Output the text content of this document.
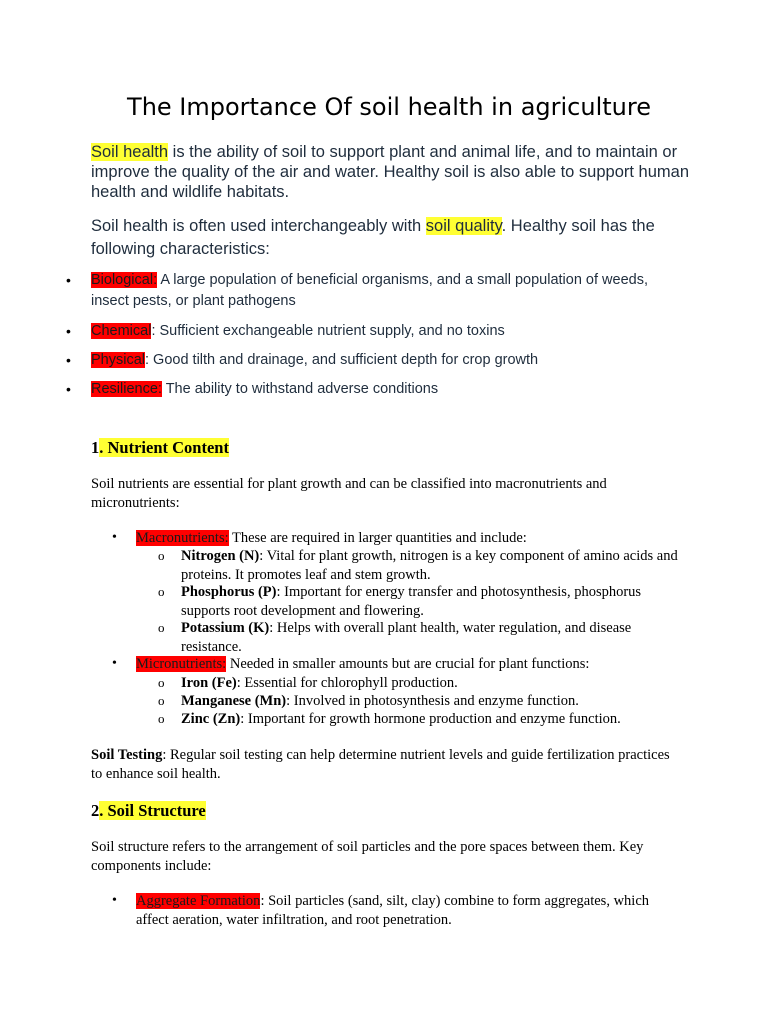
The Importance Of soil health in agriculture
Soil health is the ability of soil to support plant and animal life, and to maintain or improve the quality of the air and water. Healthy soil is also able to support human health and wildlife habitats.
Soil health is often used interchangeably with soil quality. Healthy soil has the following characteristics:
•	Biological: A large population of beneficial organisms, and a small population of weeds, insect pests, or plant pathogens
•	Chemical: Sufficient exchangeable nutrient supply, and no toxins
•	Physical: Good tilth and drainage, and sufficient depth for crop growth
•	Resilience: The ability to withstand adverse conditions
1. Nutrient Content
Soil nutrients are essential for plant growth and can be classified into macronutrients and micronutrients:
• Macronutrients: These are required in larger quantities and include:
o Nitrogen (N): Vital for plant growth, nitrogen is a key component of amino acids and proteins. It promotes leaf and stem growth.
o Phosphorus (P): Important for energy transfer and photosynthesis, phosphorus supports root development and flowering.
o Potassium (K): Helps with overall plant health, water regulation, and disease resistance.
• Micronutrients: Needed in smaller amounts but are crucial for plant functions:
o Iron (Fe): Essential for chlorophyll production.
o Manganese (Mn): Involved in photosynthesis and enzyme function.
o Zinc (Zn): Important for growth hormone production and enzyme function.
Soil Testing: Regular soil testing can help determine nutrient levels and guide fertilization practices to enhance soil health.
2. Soil Structure
Soil structure refers to the arrangement of soil particles and the pore spaces between them. Key components include:
• Aggregate Formation: Soil particles (sand, silt, clay) combine to form aggregates, which affect aeration, water infiltration, and root penetration.
